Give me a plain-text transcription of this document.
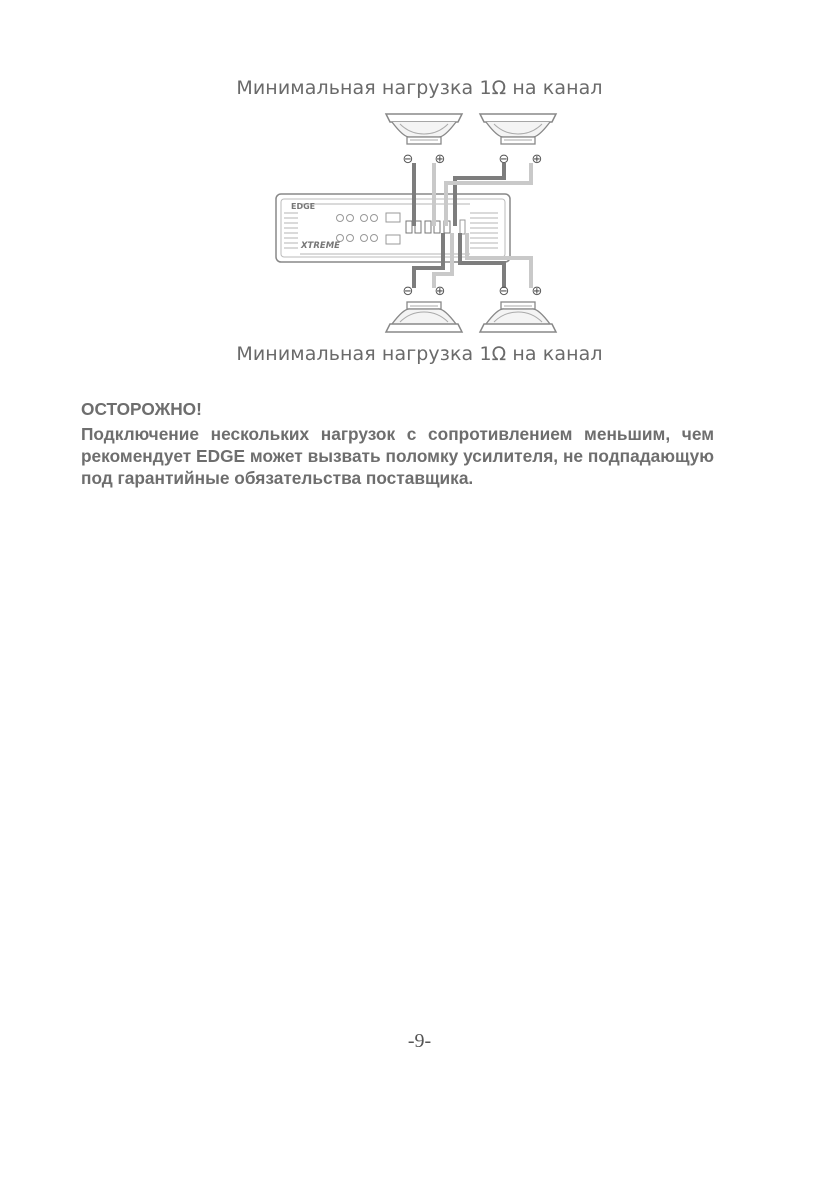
Минимальная нагрузка 1Ω на канал
EDGE
XTREME
⊖ ⊕	⊖ ⊕
⊖ ⊕	⊖ ⊕
Минимальная нагрузка 1Ω на канал
ОСТОРОЖНО!
Подключение нескольких нагрузок с сопротивлением меньшим, чем рекомендует EDGE может вызвать поломку усилителя, не подпадающую под гарантийные обязательства поставщика.
-9-
